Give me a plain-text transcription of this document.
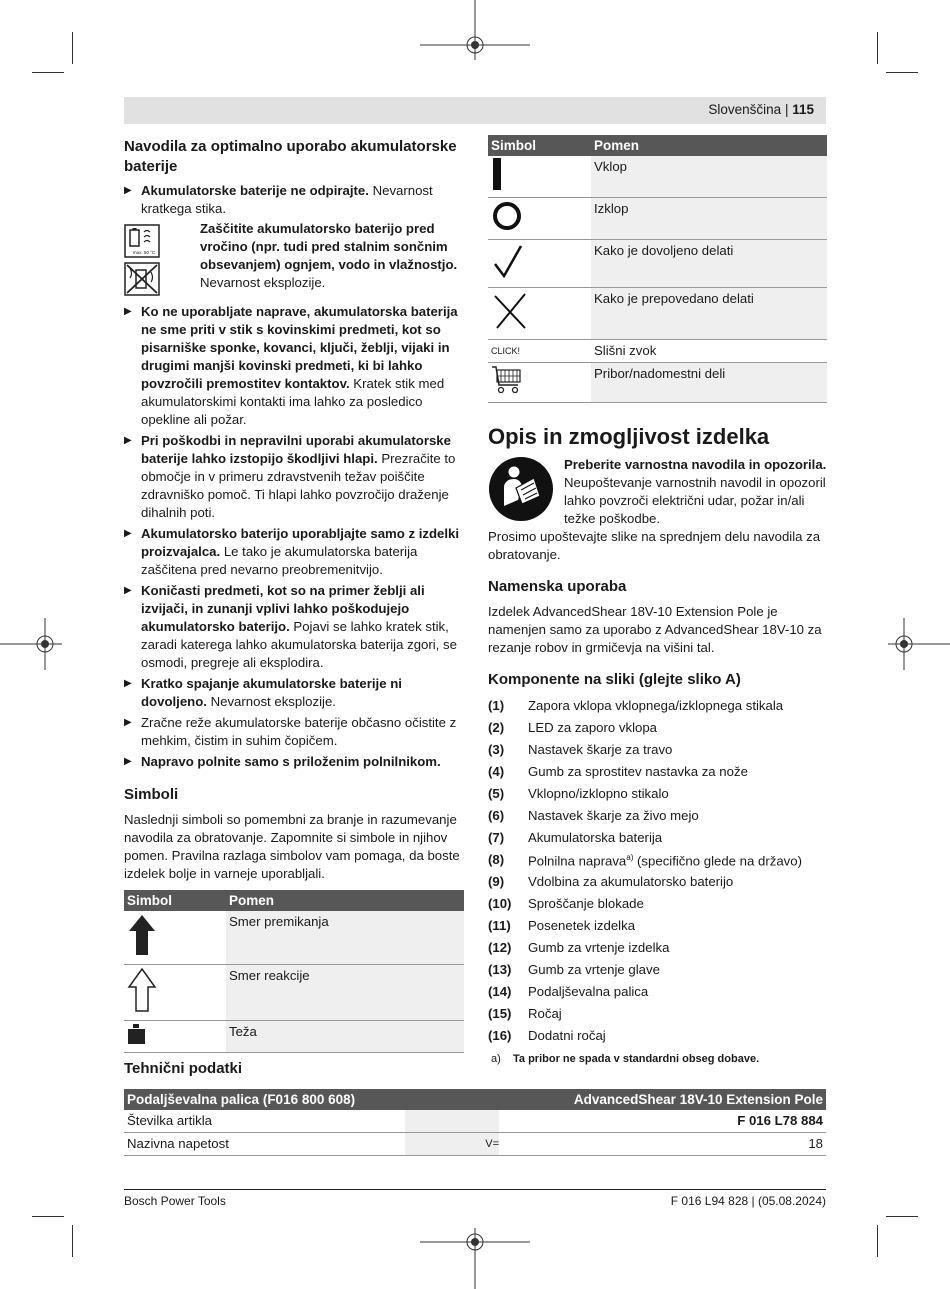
Slovenščina | 115
Navodila za optimalno uporabo akumulatorske baterije
▶ Akumulatorske baterije ne odpirajte. Nevarnost kratkega stika.
max. 50 °C

Zaščitite akumulatorsko baterijo pred vročino (npr. tudi pred stalnim sončnim obsevanjem) ognjem, vodo in vlažnostjo. Nevarnost eksplozije.

▶ Ko ne uporabljate naprave, akumulatorska baterija ne sme priti v stik s kovinskimi predmeti, kot so pisarniške sponke, kovanci, ključi, žeblji, vijaki in drugimi manjši kovinski predmeti, ki bi lahko povzročili premostitev kontaktov. Kratek stik med akumulatorskimi kontakti ima lahko za posledico opekline ali požar.
▶ Pri poškodbi in nepravilni uporabi akumulatorske baterije lahko izstopijo škodljivi hlapi. Prezračite to območje in v primeru zdravstvenih težav poiščite zdravniško pomoč. Ti hlapi lahko povzročijo draženje dihalnih poti.
▶ Akumulatorsko baterijo uporabljajte samo z izdelki proizvajalca. Le tako je akumulatorska baterija zaščitena pred nevarno preobremenitvijo.
▶ Koničasti predmeti, kot so na primer žeblji ali izvijači, in zunanji vplivi lahko poškodujejo akumulatorsko baterijo. Pojavi se lahko kratek stik, zaradi katerega lahko akumulatorska baterija zgori, se osmodi, pregreje ali eksplodira.
▶ Kratko spajanje akumulatorske baterije ni dovoljeno. Nevarnost eksplozije.
▶ Zračne reže akumulatorske baterije občasno očistite z mehkim, čistim in suhim čopičem.
▶ Napravo polnite samo s priloženim polnilnikom.
Simboli

Naslednji simboli so pomembni za branje in razumevanje navodila za obratovanje. Zapomnite si simbole in njihov pomen. Pravilna razlaga simbolov vam pomaga, da boste izdelek bolje in varneje uporabljali.

Simbol	Pomen
	Smer premikanja
	Smer reakcije
	Teža
Simbol	Pomen
	Vklop
	Izklop
	Kako je dovoljeno delati
	Kako je prepovedano delati
CLICK!	Slišni zvok
	Pribor/nadomestni deli
Opis in zmogljivost izdelka

Preberite varnostna navodila in opozorila. Neupoštevanje varnostnih navodil in opozoril lahko povzroči električni udar, požar in/ali težke poškodbe.

Prosimo upoštevajte slike na sprednjem delu navodila za obratovanje.

Namenska uporaba

Izdelek AdvancedShear 18V-10 Extension Pole je namenjen samo za uporabo z AdvancedShear 18V-10 za rezanje robov in grmičevja na višini tal.

Komponente na sliki (glejte sliko A)
(1)	Zapora vklopa vklopnega/izklopnega stikala
(2)	LED za zaporo vklopa
(3)	Nastavek škarje za travo
(4)	Gumb za sprostitev nastavka za nože
(5)	Vklopno/izklopno stikalo
(6)	Nastavek škarje za živo mejo
(7)	Akumulatorska baterija
(8)	Polnilna naprava$^{a)}$ (specifično glede na državo)
(9)	Vdolbina za akumulatorsko baterijo
(10)	Sproščanje blokade
(11)	Posenetek izdelka
(12)	Gumb za vrtenje izdelka
(13)	Gumb za vrtenje glave
(14)	Podaljševalna palica
(15)	Ročaj
(16)	Dodatni ročaj
a)	Ta pribor ne spada v standardni obseg dobave.
Tehnični podatki
Podaljševalna palica (F016 800 608)	AdvancedShear 18V-10 Extension Pole
Številka artikla	F 016 L78 884
Nazivna napetost	V=	18
Bosch Power Tools	F 016 L94 828 | (05.08.2024)
